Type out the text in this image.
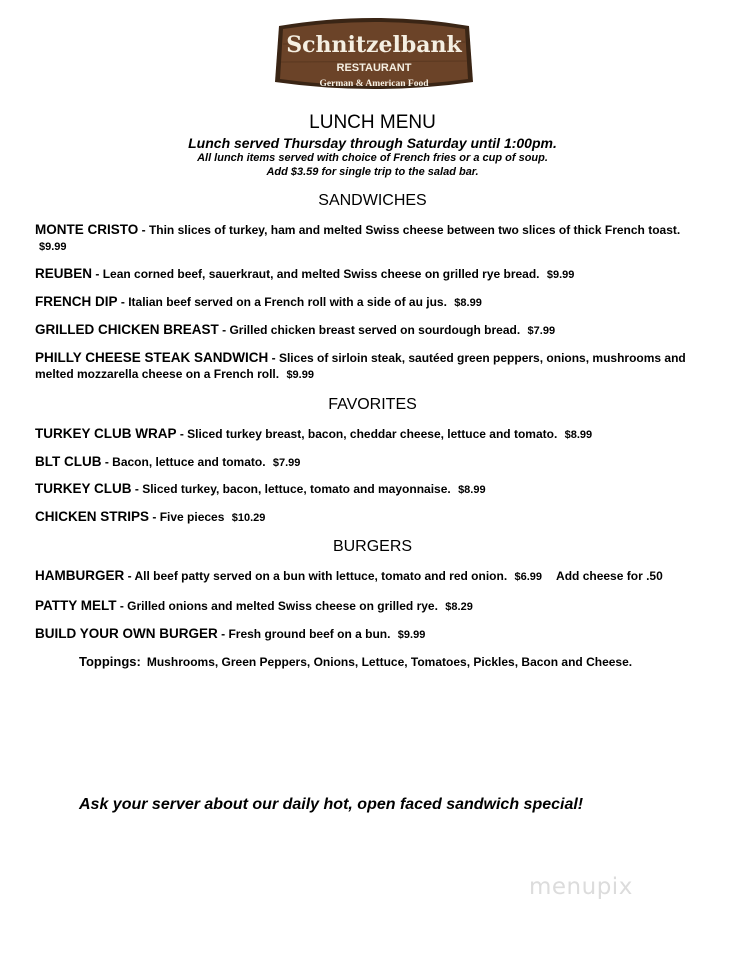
Schnitzelbank
RESTAURANT
German & American Food
LUNCH MENU
Lunch served Thursday through Saturday until 1:00pm.
All lunch items served with choice of French fries or a cup of soup.
Add $3.59 for single trip to the salad bar.
SANDWICHES
MONTE CRISTO - Thin slices of turkey, ham and melted Swiss cheese between two slices of thick French toast. $9.99
REUBEN - Lean corned beef, sauerkraut, and melted Swiss cheese on grilled rye bread. $9.99
FRENCH DIP - Italian beef served on a French roll with a side of au jus. $8.99
GRILLED CHICKEN BREAST - Grilled chicken breast served on sourdough bread. $7.99
PHILLY CHEESE STEAK SANDWICH - Slices of sirloin steak, sautéed green peppers, onions, mushrooms and melted mozzarella cheese on a French roll. $9.99
FAVORITES
TURKEY CLUB WRAP - Sliced turkey breast, bacon, cheddar cheese, lettuce and tomato. $8.99
BLT CLUB - Bacon, lettuce and tomato. $7.99
TURKEY CLUB - Sliced turkey, bacon, lettuce, tomato and mayonnaise. $8.99
CHICKEN STRIPS - Five pieces $10.29
BURGERS
HAMBURGER - All beef patty served on a bun with lettuce, tomato and red onion. $6.99 Add cheese for .50
PATTY MELT - Grilled onions and melted Swiss cheese on grilled rye. $8.29
BUILD YOUR OWN BURGER - Fresh ground beef on a bun. $9.99
Toppings: Mushrooms, Green Peppers, Onions, Lettuce, Tomatoes, Pickles, Bacon and Cheese.
Ask your server about our daily hot, open faced sandwich special!
menupix
